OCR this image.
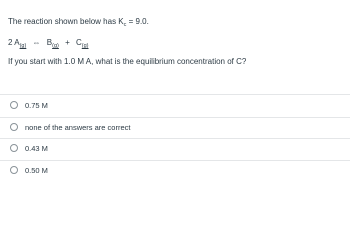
The reaction shown below has $K_c = 9.0$.
2 $A_{(g)}$ ⇔ $B_{(g)} + C_{(g)}$
If you start with 1.0 M A, what is the equilibrium concentration of C?
0.75 M
none of the answers are correct
0.43 M
0.50 M
